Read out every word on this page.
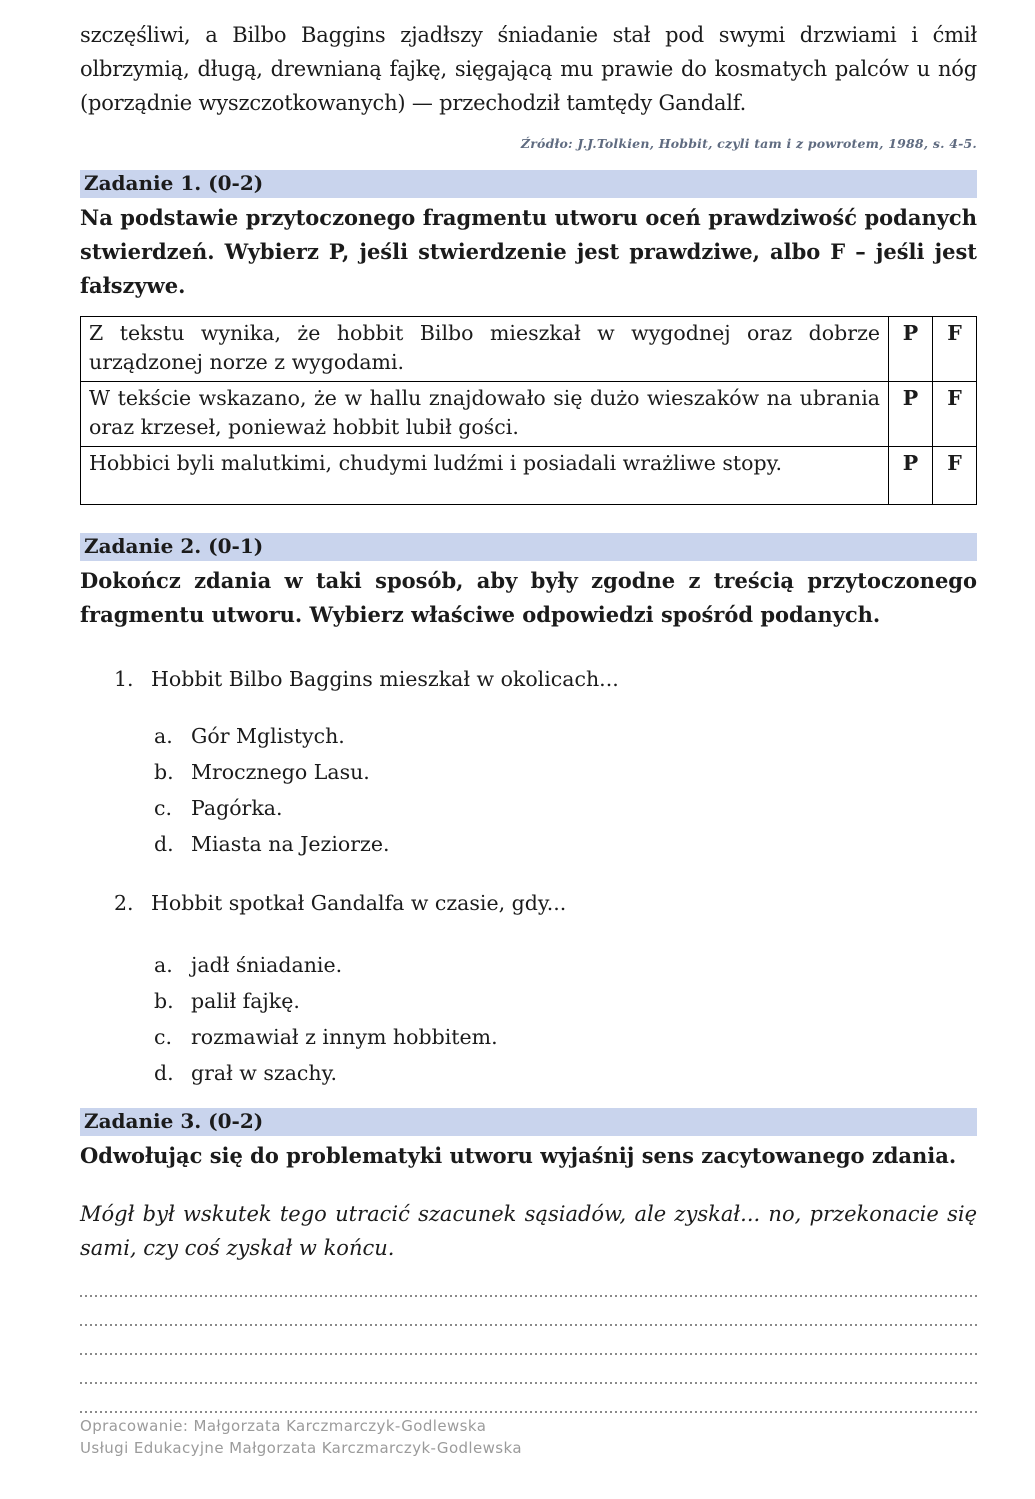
szczęśliwi, a Bilbo Baggins zjadłszy śniadanie stał pod swymi drzwiami i ćmił olbrzymią, długą, drewnianą fajkę, sięgającą mu prawie do kosmatych palców u nóg (porządnie wyszczotkowanych) — przechodził tamtędy Gandalf.

Źródło: J.J.Tolkien, Hobbit, czyli tam i z powrotem, 1988, s. 4-5.
Zadanie 1. (0-2)

Na podstawie przytoczonego fragmentu utworu oceń prawdziwość podanych stwierdzeń. Wybierz P, jeśli stwierdzenie jest prawdziwe, albo F – jeśli jest fałszywe.

Z tekstu wynika, że hobbit Bilbo mieszkał w wygodnej oraz dobrze urządzonej norze z wygodami.	P	F
W tekście wskazano, że w hallu znajdowało się dużo wieszaków na ubrania oraz krzeseł, ponieważ hobbit lubił gości.	P	F
Hobbici byli malutkimi, chudymi ludźmi i posiadali wrażliwe stopy.	P	F
Zadanie 2. (0-1)

Dokończ zdania w taki sposób, aby były zgodne z treścią przytoczonego fragmentu utworu. Wybierz właściwe odpowiedzi spośród podanych.

1. Hobbit Bilbo Baggins mieszkał w okolicach...
a. Gór Mglistych.
b. Mrocznego Lasu.
c. Pagórka.
d. Miasta na Jeziorze.
2. Hobbit spotkał Gandalfa w czasie, gdy...
a. jadł śniadanie.
b. palił fajkę.
c. rozmawiał z innym hobbitem.
d. grał w szachy.
Zadanie 3. (0-2)

Odwołując się do problematyki utworu wyjaśnij sens zacytowanego zdania.

Mógł był wskutek tego utracić szacunek sąsiadów, ale zyskał... no, przekonacie się sami, czy coś zyskał w końcu.

Opracowanie: Małgorzata Karczmarczyk-Godlewska
Usługi Edukacyjne Małgorzata Karczmarczyk-Godlewska
